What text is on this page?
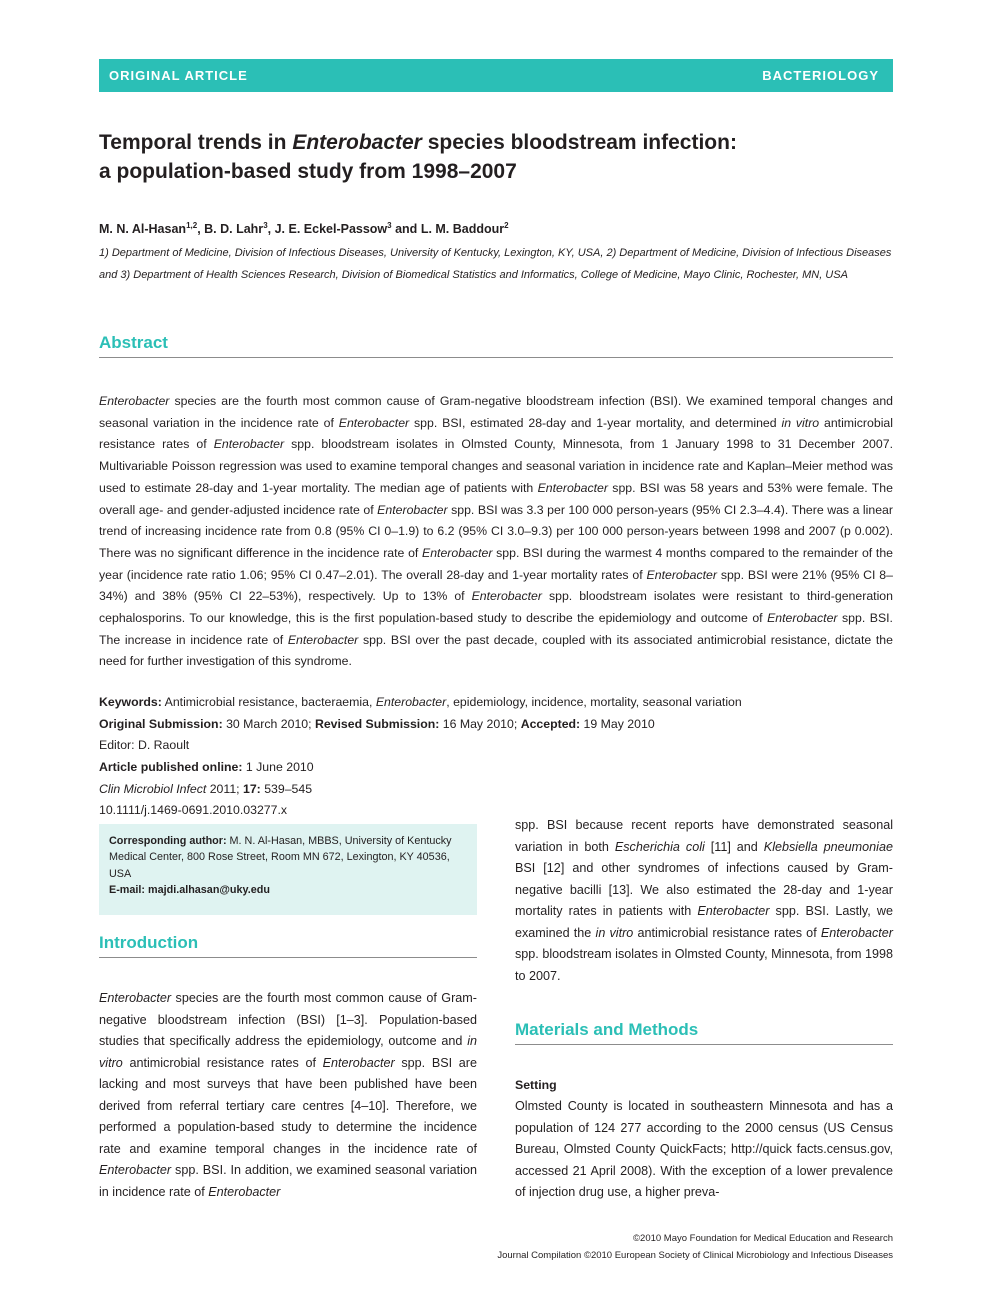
ORIGINAL ARTICLE	BACTERIOLOGY
Temporal trends in Enterobacter species bloodstream infection:
a population-based study from 1998–2007
M. N. Al-Hasan$^{1,2}$, B. D. Lahr$^3$, J. E. Eckel-Passow$^3$ and L. M. Baddour$^2$
1) Department of Medicine, Division of Infectious Diseases, University of Kentucky, Lexington, KY, USA, 2) Department of Medicine, Division of Infectious Diseases and 3) Department of Health Sciences Research, Division of Biomedical Statistics and Informatics, College of Medicine, Mayo Clinic, Rochester, MN, USA
Abstract
Enterobacter species are the fourth most common cause of Gram-negative bloodstream infection (BSI). We examined temporal changes and seasonal variation in the incidence rate of Enterobacter spp. BSI, estimated 28-day and 1-year mortality, and determined in vitro antimicrobial resistance rates of Enterobacter spp. bloodstream isolates in Olmsted County, Minnesota, from 1 January 1998 to 31 December 2007. Multivariable Poisson regression was used to examine temporal changes and seasonal variation in incidence rate and Kaplan–Meier method was used to estimate 28-day and 1-year mortality. The median age of patients with Enterobacter spp. BSI was 58 years and 53% were female. The overall age- and gender-adjusted incidence rate of Enterobacter spp. BSI was 3.3 per 100 000 person-years (95% CI 2.3–4.4). There was a linear trend of increasing incidence rate from 0.8 (95% CI 0–1.9) to 6.2 (95% CI 3.0–9.3) per 100 000 person-years between 1998 and 2007 (p 0.002). There was no significant difference in the incidence rate of Enterobacter spp. BSI during the warmest 4 months compared to the remainder of the year (incidence rate ratio 1.06; 95% CI 0.47–2.01). The overall 28-day and 1-year mortality rates of Enterobacter spp. BSI were 21% (95% CI 8–34%) and 38% (95% CI 22–53%), respectively. Up to 13% of Enterobacter spp. bloodstream isolates were resistant to third-generation cephalosporins. To our knowledge, this is the first population-based study to describe the epidemiology and outcome of Enterobacter spp. BSI. The increase in incidence rate of Enterobacter spp. BSI over the past decade, coupled with its associated antimicrobial resistance, dictate the need for further investigation of this syndrome.
Keywords: Antimicrobial resistance, bacteraemia, Enterobacter, epidemiology, incidence, mortality, seasonal variation
Original Submission: 30 March 2010; Revised Submission: 16 May 2010; Accepted: 19 May 2010
Editor: D. Raoult
Article published online: 1 June 2010
Clin Microbiol Infect 2011; 17: 539–545
10.1111/j.1469-0691.2010.03277.x
Corresponding author: M. N. Al-Hasan, MBBS, University of Kentucky Medical Center, 800 Rose Street, Room MN 672, Lexington, KY 40536, USA
E-mail: majdi.alhasan@uky.edu
Introduction
Enterobacter species are the fourth most common cause of Gram-negative bloodstream infection (BSI) [1–3]. Population-based studies that specifically address the epidemiology, outcome and in vitro antimicrobial resistance rates of Enterobacter spp. BSI are lacking and most surveys that have been published have been derived from referral tertiary care centres [4–10]. Therefore, we performed a population-based study to determine the incidence rate and examine temporal changes in the incidence rate of Enterobacter spp. BSI. In addition, we examined seasonal variation in incidence rate of Enterobacter
spp. BSI because recent reports have demonstrated seasonal variation in both Escherichia coli [11] and Klebsiella pneumoniae BSI [12] and other syndromes of infections caused by Gram-negative bacilli [13]. We also estimated the 28-day and 1-year mortality rates in patients with Enterobacter spp. BSI. Lastly, we examined the in vitro antimicrobial resistance rates of Enterobacter spp. bloodstream isolates in Olmsted County, Minnesota, from 1998 to 2007.
Materials and Methods
Setting
Olmsted County is located in southeastern Minnesota and has a population of 124 277 according to the 2000 census (US Census Bureau, Olmsted County QuickFacts; http://quick facts.census.gov, accessed 21 April 2008). With the exception of a lower prevalence of injection drug use, a higher preva-
©2010 Mayo Foundation for Medical Education and Research
Journal Compilation ©2010 European Society of Clinical Microbiology and Infectious Diseases
